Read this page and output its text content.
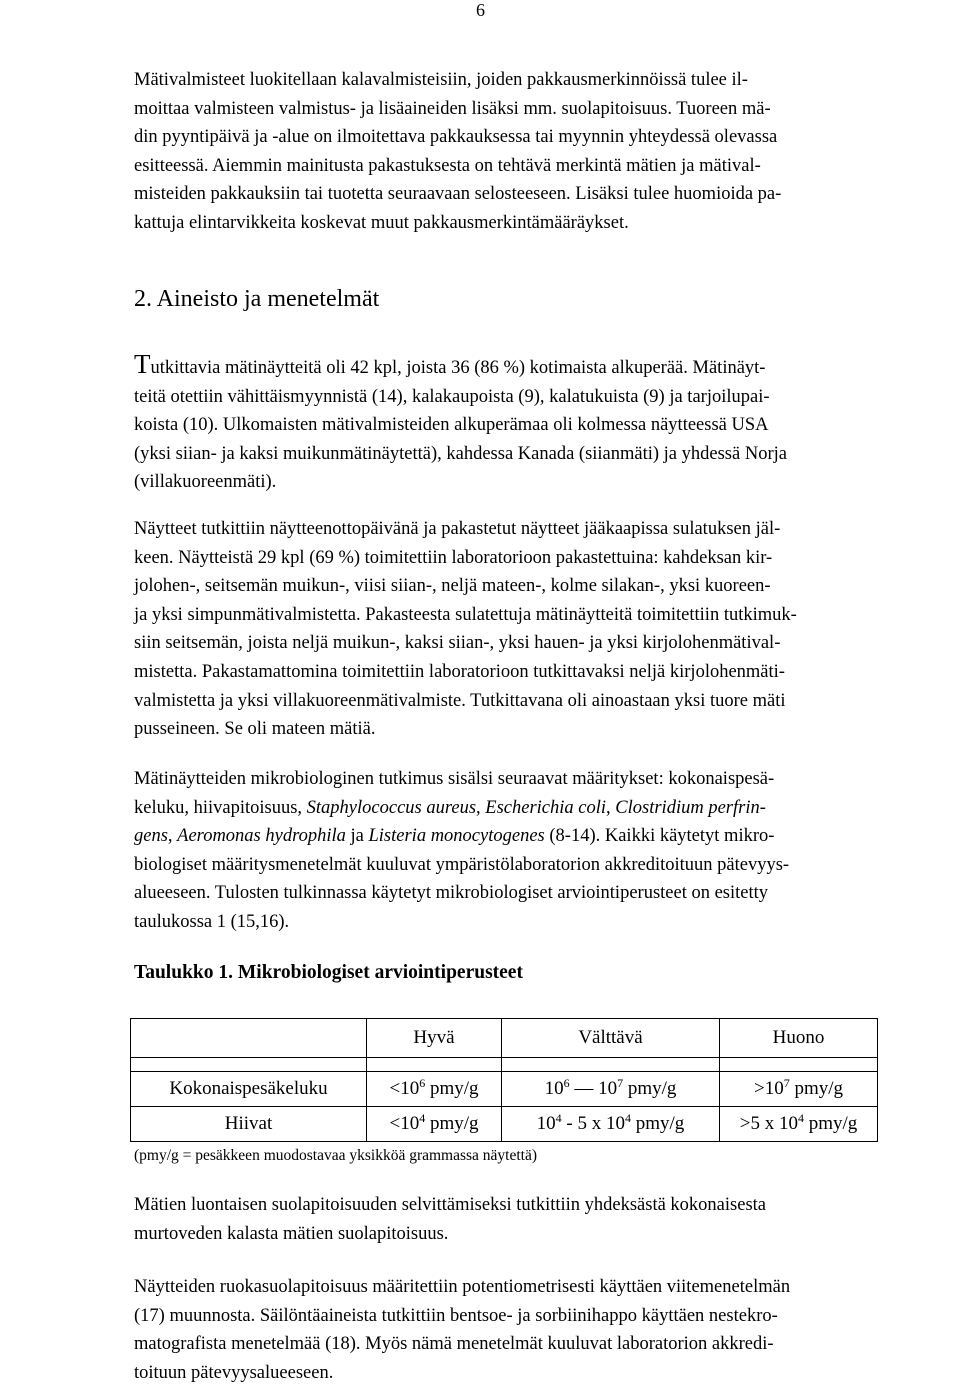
6

Mätivalmisteet luokitellaan kalavalmisteisiin, joiden pakkausmerkinnöissä tulee il-
moittaa valmisteen valmistus- ja lisäaineiden lisäksi mm. suolapitoisuus. Tuoreen mä-
din pyyntipäivä ja -alue on ilmoitettava pakkauksessa tai myynnin yhteydessä olevassa
esitteessä. Aiemmin mainitusta pakastuksesta on tehtävä merkintä mätien ja mätival-
misteiden pakkauksiin tai tuotetta seuraavaan selosteeseen. Lisäksi tulee huomioida pa-
kattuja elintarvikkeita koskevat muut pakkausmerkintämääräykset.

2. Aineisto ja menetelmät

Tutkittavia mätinäytteitä oli 42 kpl, joista 36 (86 %) kotimaista alkuperää. Mätinäyt-
teitä otettiin vähittäismyynnistä (14), kalakaupoista (9), kalatukuista (9) ja tarjoilupai-
koista (10). Ulkomaisten mätivalmisteiden alkuperämaa oli kolmessa näytteessä USA
(yksi siian- ja kaksi muikunmätinäytettä), kahdessa Kanada (siianmäti) ja yhdessä Norja
(villakuoreenmäti).

Näytteet tutkittiin näytteenottopäivänä ja pakastetut näytteet jääkaapissa sulatuksen jäl-
keen. Näytteistä 29 kpl (69 %) toimitettiin laboratorioon pakastettuina: kahdeksan kir-
jolohen-, seitsemän muikun-, viisi siian-, neljä mateen-, kolme silakan-, yksi kuoreen-
ja yksi simpunmätivalmistetta. Pakasteesta sulatettuja mätinäytteitä toimitettiin tutkimuk-
siin seitsemän, joista neljä muikun-, kaksi siian-, yksi hauen- ja yksi kirjolohenmätival-
mistetta. Pakastamattomina toimitettiin laboratorioon tutkittavaksi neljä kirjolohenmäti-
valmistetta ja yksi villakuoreenmätivalmiste. Tutkittavana oli ainoastaan yksi tuore mäti
pusseineen. Se oli mateen mätiä.

Mätinäytteiden mikrobiologinen tutkimus sisälsi seuraavat määritykset: kokonaispesä-
keluku, hiivapitoisuus, Staphylococcus aureus, Escherichia coli, Clostridium perfrin-
gens, Aeromonas hydrophila ja Listeria monocytogenes (8-14). Kaikki käytetyt mikro-
biologiset määritysmenetelmät kuuluvat ympäristölaboratorion akkreditoituun pätevyys-
alueeseen. Tulosten tulkinnassa käytetyt mikrobiologiset arviointiperusteet on esitetty
taulukossa 1 (15,16).

Taulukko 1. Mikrobiologiset arviointiperusteet

	Hyvä	Välttävä	Huono

Kokonaispesäkeluku	$<10^6$ pmy/g	$10^6$ — $10^7$ pmy/g	$>10^7$ pmy/g
Hiivat	$<10^4$ pmy/g	$10^4 - 5$ x $10^4$ pmy/g	>5 x $10^4$ pmy/g

(pmy/g = pesäkkeen muodostavaa yksikköä grammassa näytettä)

Mätien luontaisen suolapitoisuuden selvittämiseksi tutkittiin yhdeksästä kokonaisesta
murtoveden kalasta mätien suolapitoisuus.

Näytteiden ruokasuolapitoisuus määritettiin potentiometrisesti käyttäen viitemenetelmän
(17) muunnosta. Säilöntäaineista tutkittiin bentsoe- ja sorbiinihappo käyttäen nestekro-
matografista menetelmää (18). Myös nämä menetelmät kuuluvat laboratorion akkredi-
toituun pätevyysalueeseen.
